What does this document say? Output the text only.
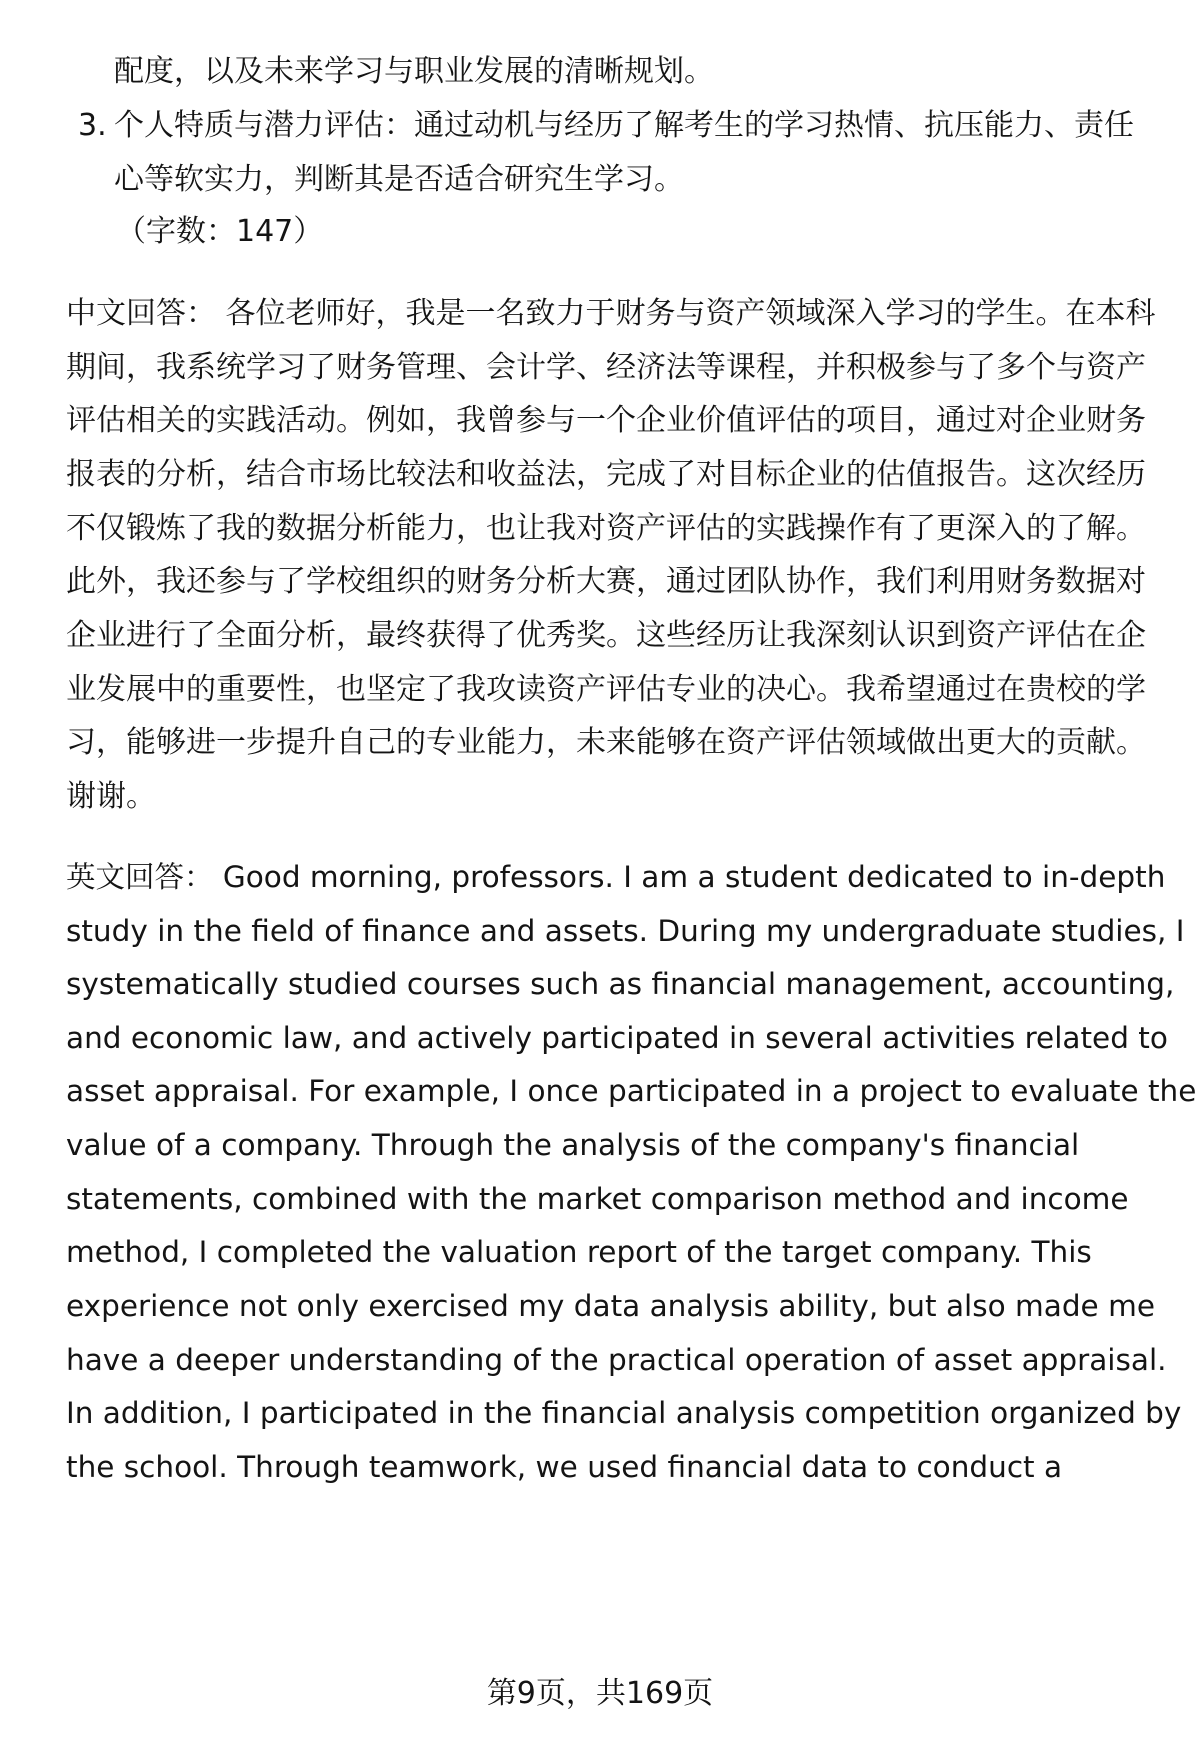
配度，以及未来学习与职业发展的清晰规划。
3. 个人特质与潜力评估：通过动机与经历了解考生的学习热情、抗压能力、责任
心等软实力，判断其是否适合研究生学习。
（字数：147）
中文回答： 各位老师好，我是一名致力于财务与资产领域深入学习的学生。在本科
期间，我系统学习了财务管理、会计学、经济法等课程，并积极参与了多个与资产
评估相关的实践活动。例如，我曾参与一个企业价值评估的项目，通过对企业财务
报表的分析，结合市场比较法和收益法，完成了对目标企业的估值报告。这次经历
不仅锻炼了我的数据分析能力，也让我对资产评估的实践操作有了更深入的了解。
此外，我还参与了学校组织的财务分析大赛，通过团队协作，我们利用财务数据对
企业进行了全面分析，最终获得了优秀奖。这些经历让我深刻认识到资产评估在企
业发展中的重要性，也坚定了我攻读资产评估专业的决心。我希望通过在贵校的学
习，能够进一步提升自己的专业能力，未来能够在资产评估领域做出更大的贡献。
谢谢。
英文回答： Good morning, professors. I am a student dedicated to in-depth
study in the field of finance and assets. During my undergraduate studies, I
systematically studied courses such as financial management, accounting,
and economic law, and actively participated in several activities related to
asset appraisal. For example, I once participated in a project to evaluate the
value of a company. Through the analysis of the company's financial
statements, combined with the market comparison method and income
method, I completed the valuation report of the target company. This
experience not only exercised my data analysis ability, but also made me
have a deeper understanding of the practical operation of asset appraisal.
In addition, I participated in the financial analysis competition organized by
the school. Through teamwork, we used financial data to conduct a
第9页，共169页
